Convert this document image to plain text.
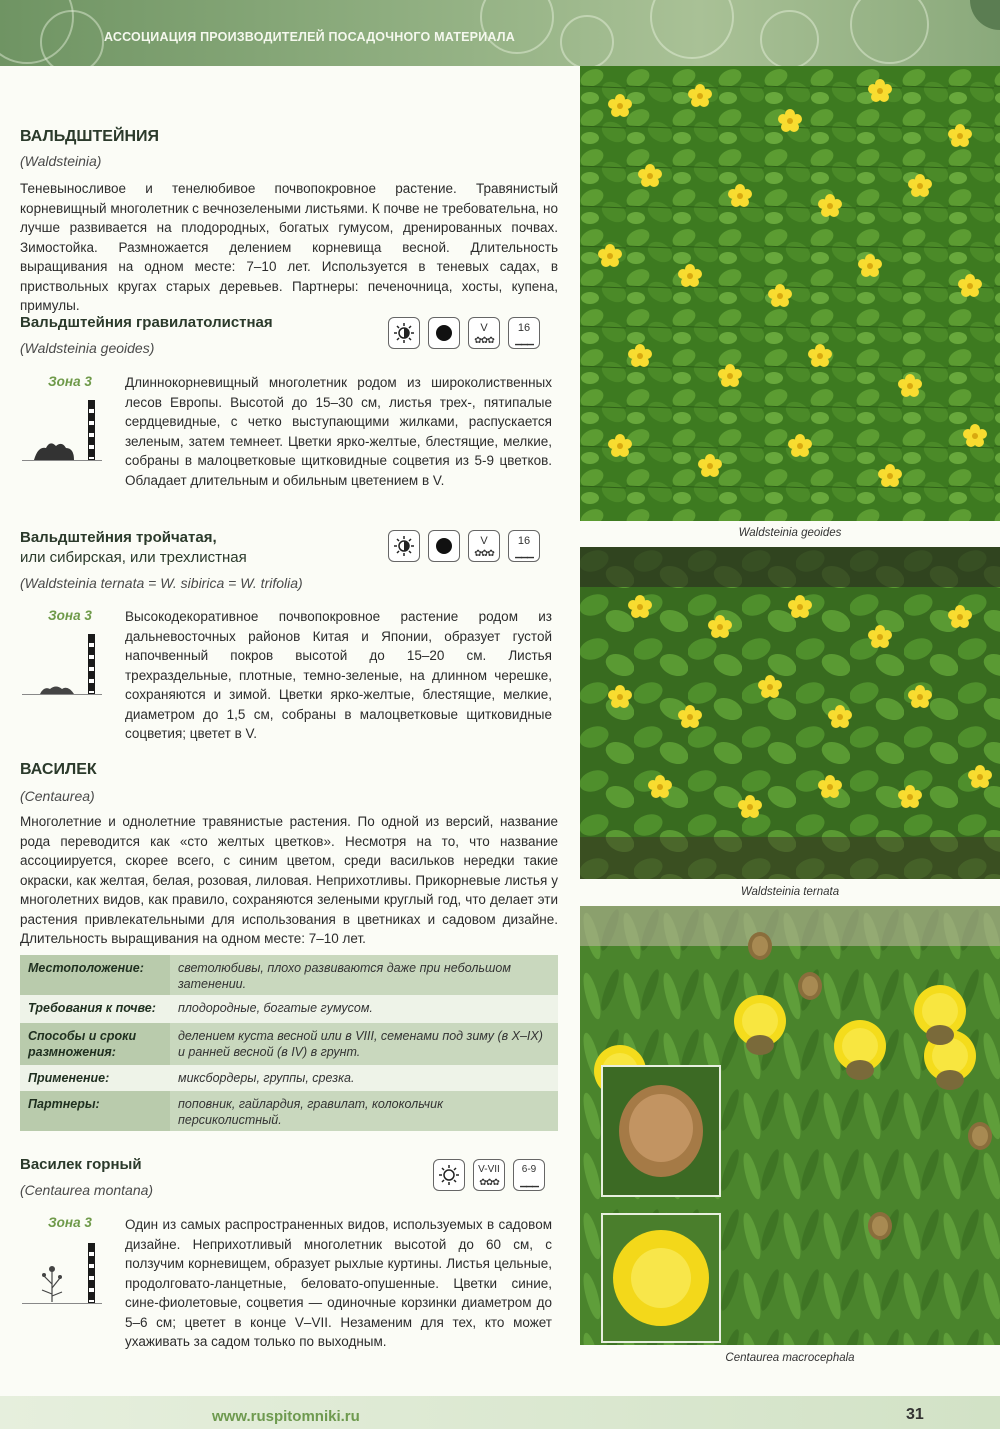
АССОЦИАЦИЯ ПРОИЗВОДИТЕЛЕЙ ПОСАДОЧНОГО МАТЕРИАЛА
ВАЛЬДШТЕЙНИЯ
(Waldsteinia)
Теневыносливое и тенелюбивое почвопокровное растение. Травянистый корневищный многолетник с вечнозелеными листьями. К почве не требовательна, но лучше развивается на плодородных, богатых гумусом, дренированных почвах. Зимостойка. Размножается делением корневища весной. Длительность выращивания на одном месте: 7–10 лет. Используется в теневых садах, в приствольных кругах старых деревьев. Партнеры: печеночница, хосты, купена, примулы.
Вальдштейния гравилатолистная
(Waldsteinia geoides)
V
✿✿✿
16
▁▁▁
Зона 3 Длиннокорневищный многолетник родом из широколиственных лесов Европы. Высотой до 15–30 см, листья трех-, пятипалые сердцевидные, с четко выступающими жилками, распускается зеленым, затем темнеет. Цветки ярко-желтые, блестящие, мелкие, собраны в малоцветковые щитковидные соцветия из 5-9 цветков. Обладает длительным и обильным цветением в V.
Вальдштейния тройчатая,
или сибирская, или трехлистная
(Waldsteinia ternata = W. sibirica = W. trifolia)
V
✿✿✿
16
▁▁▁
Зона 3 Высокодекоративное почвопокровное растение родом из дальневосточных районов Китая и Японии, образует густой напочвенный покров высотой до 15–20 см. Листья трехраздельные, плотные, темно-зеленые, на длинном черешке, сохраняются и зимой. Цветки ярко-желтые, блестящие, мелкие, диаметром до 1,5 см, собраны в малоцветковые щитковидные соцветия; цветет в V.
ВАСИЛЕК
(Centaurea)
Многолетние и однолетние травянистые растения. По одной из версий, название рода переводится как «сто желтых цветков». Несмотря на то, что название ассоциируется, скорее всего, с синим цветом, среди васильков нередки такие окраски, как желтая, белая, розовая, лиловая. Неприхотливы. Прикорневые листья у многолетних видов, как правило, сохраняются зелеными круглый год, что делает эти растения привлекательными для использования в цветниках и садовом дизайне. Длительность выращивания на одном месте: 7–10 лет.
Местоположение:	светолюбивы, плохо развиваются даже при небольшом затенении.
Требования к почве:	плодородные, богатые гумусом.
Способы и сроки размножения:
делением куста весной или в VIII, семенами под зиму (в X–IX) и ранней весной (в IV) в грунт.
Применение:	миксбордеры, группы, срезка.
Партнеры:	поповник, гайлардия, гравилат, колокольчик персиколистный.
Василек горный
(Centaurea montana)
V-VII
✿✿✿
6-9
▁▁▁
Зона 3 Один из самых распространенных видов, используемых в садовом дизайне. Неприхотливый многолетник высотой до 60 см, с ползучим корневищем, образует рыхлые куртины. Листья цельные, продолговато-ланцетные, беловато-опушенные. Цветки синие, сине-фиолетовые, соцветия — одиночные корзинки диаметром до 5–6 см; цветет в конце V–VII. Незаменим для тех, кто может ухаживать за садом только по выходным.
Waldsteinia geoides
Waldsteinia ternata
Centaurea macrocephala
www.ruspitomniki.ru	31
